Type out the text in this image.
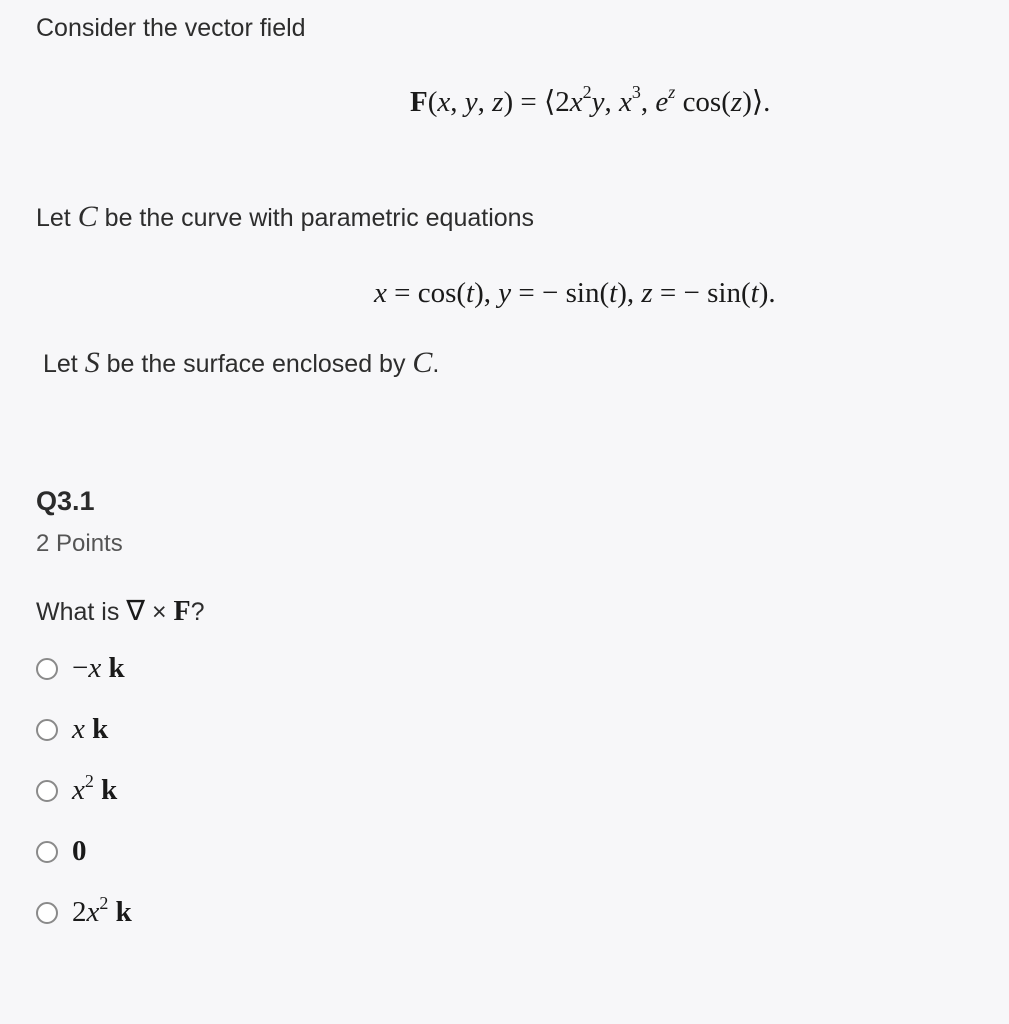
Consider the vector field
F(x, y, $z) = ⟨2x^2y$, $x^3$, $e^z$ cos(z)⟩.
Let C be the curve with parametric equations
x = cos(t), y = − sin(t), z = − sin(t).
Let S be the surface enclosed by C.
Q3.1
2 Points
What is ∇ × F?
−x k
x k
$x^2$ k
0
$2x^2$ k
